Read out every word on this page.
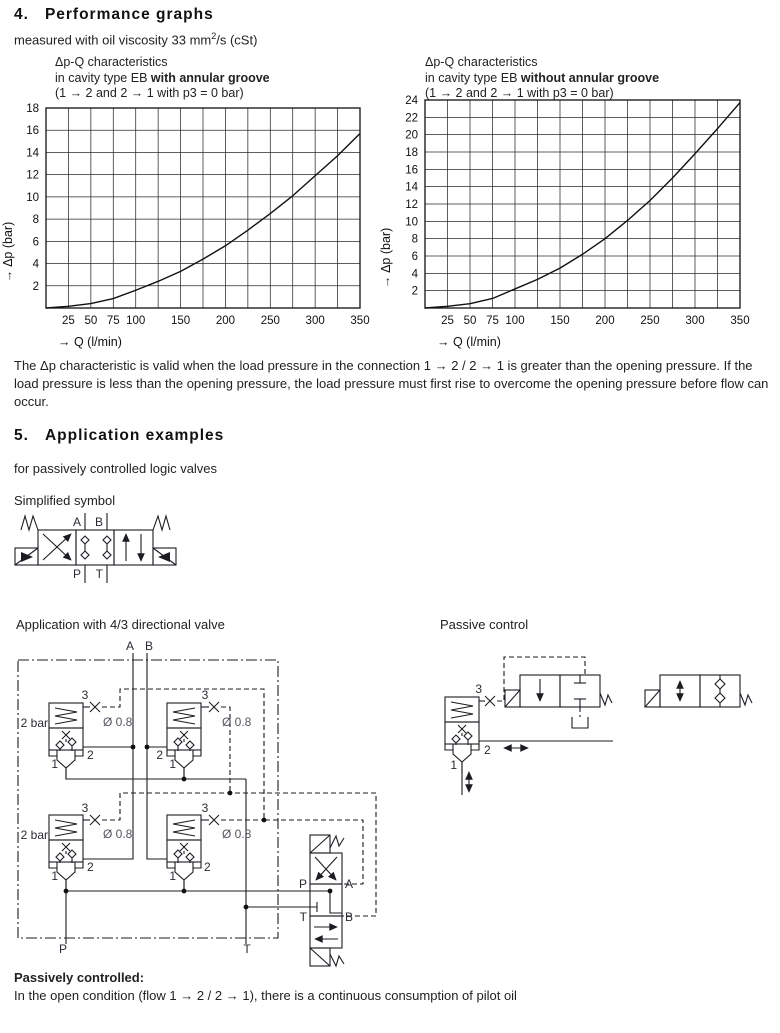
4. Performance graphs
measured with oil viscosity 33 $mm^2/s$ (cSt)
Δp-Q characteristics
in cavity type EB with annular groove
(1 → 2 and 2 → 1 with p3 = 0 bar)
Δp-Q characteristics
in cavity type EB without annular groove
(1 → 2 and 2 → 1 with p3 = 0 bar)
2
4
6
8
10
12
14
16
18
25 50 75 100 150 200 250 300 350
→ Q (l/min)
→ Δp (bar)
2
4
6
8
10
12
14
16
18
20
22
24
25 50 75 100 150 200 250 300 350
→ Q (l/min)
→ Δp (bar)
The Δp characteristic is valid when the load pressure in the connection 1 → 2 / 2 → 1 is greater than the opening pressure. If the load pressure is less than the opening pressure, the load pressure must first rise to overcome the opening pressure before flow can occur.
5. Application examples
for passively controlled logic valves
Simplified symbol
A B
P T
Application with 4/3 directional valve	Passive control
A B
P	T
3	3
3	3
Ø 0.8	Ø 0.8
Ø 0.8	Ø 0.8
2 bar
2 bar
2	2
2	2
1	1
1	1
P	A
T	B
3
2
1
Passively controlled:
In the open condition (flow 1 → 2 / 2 → 1), there is a continuous consumption of pilot oil
